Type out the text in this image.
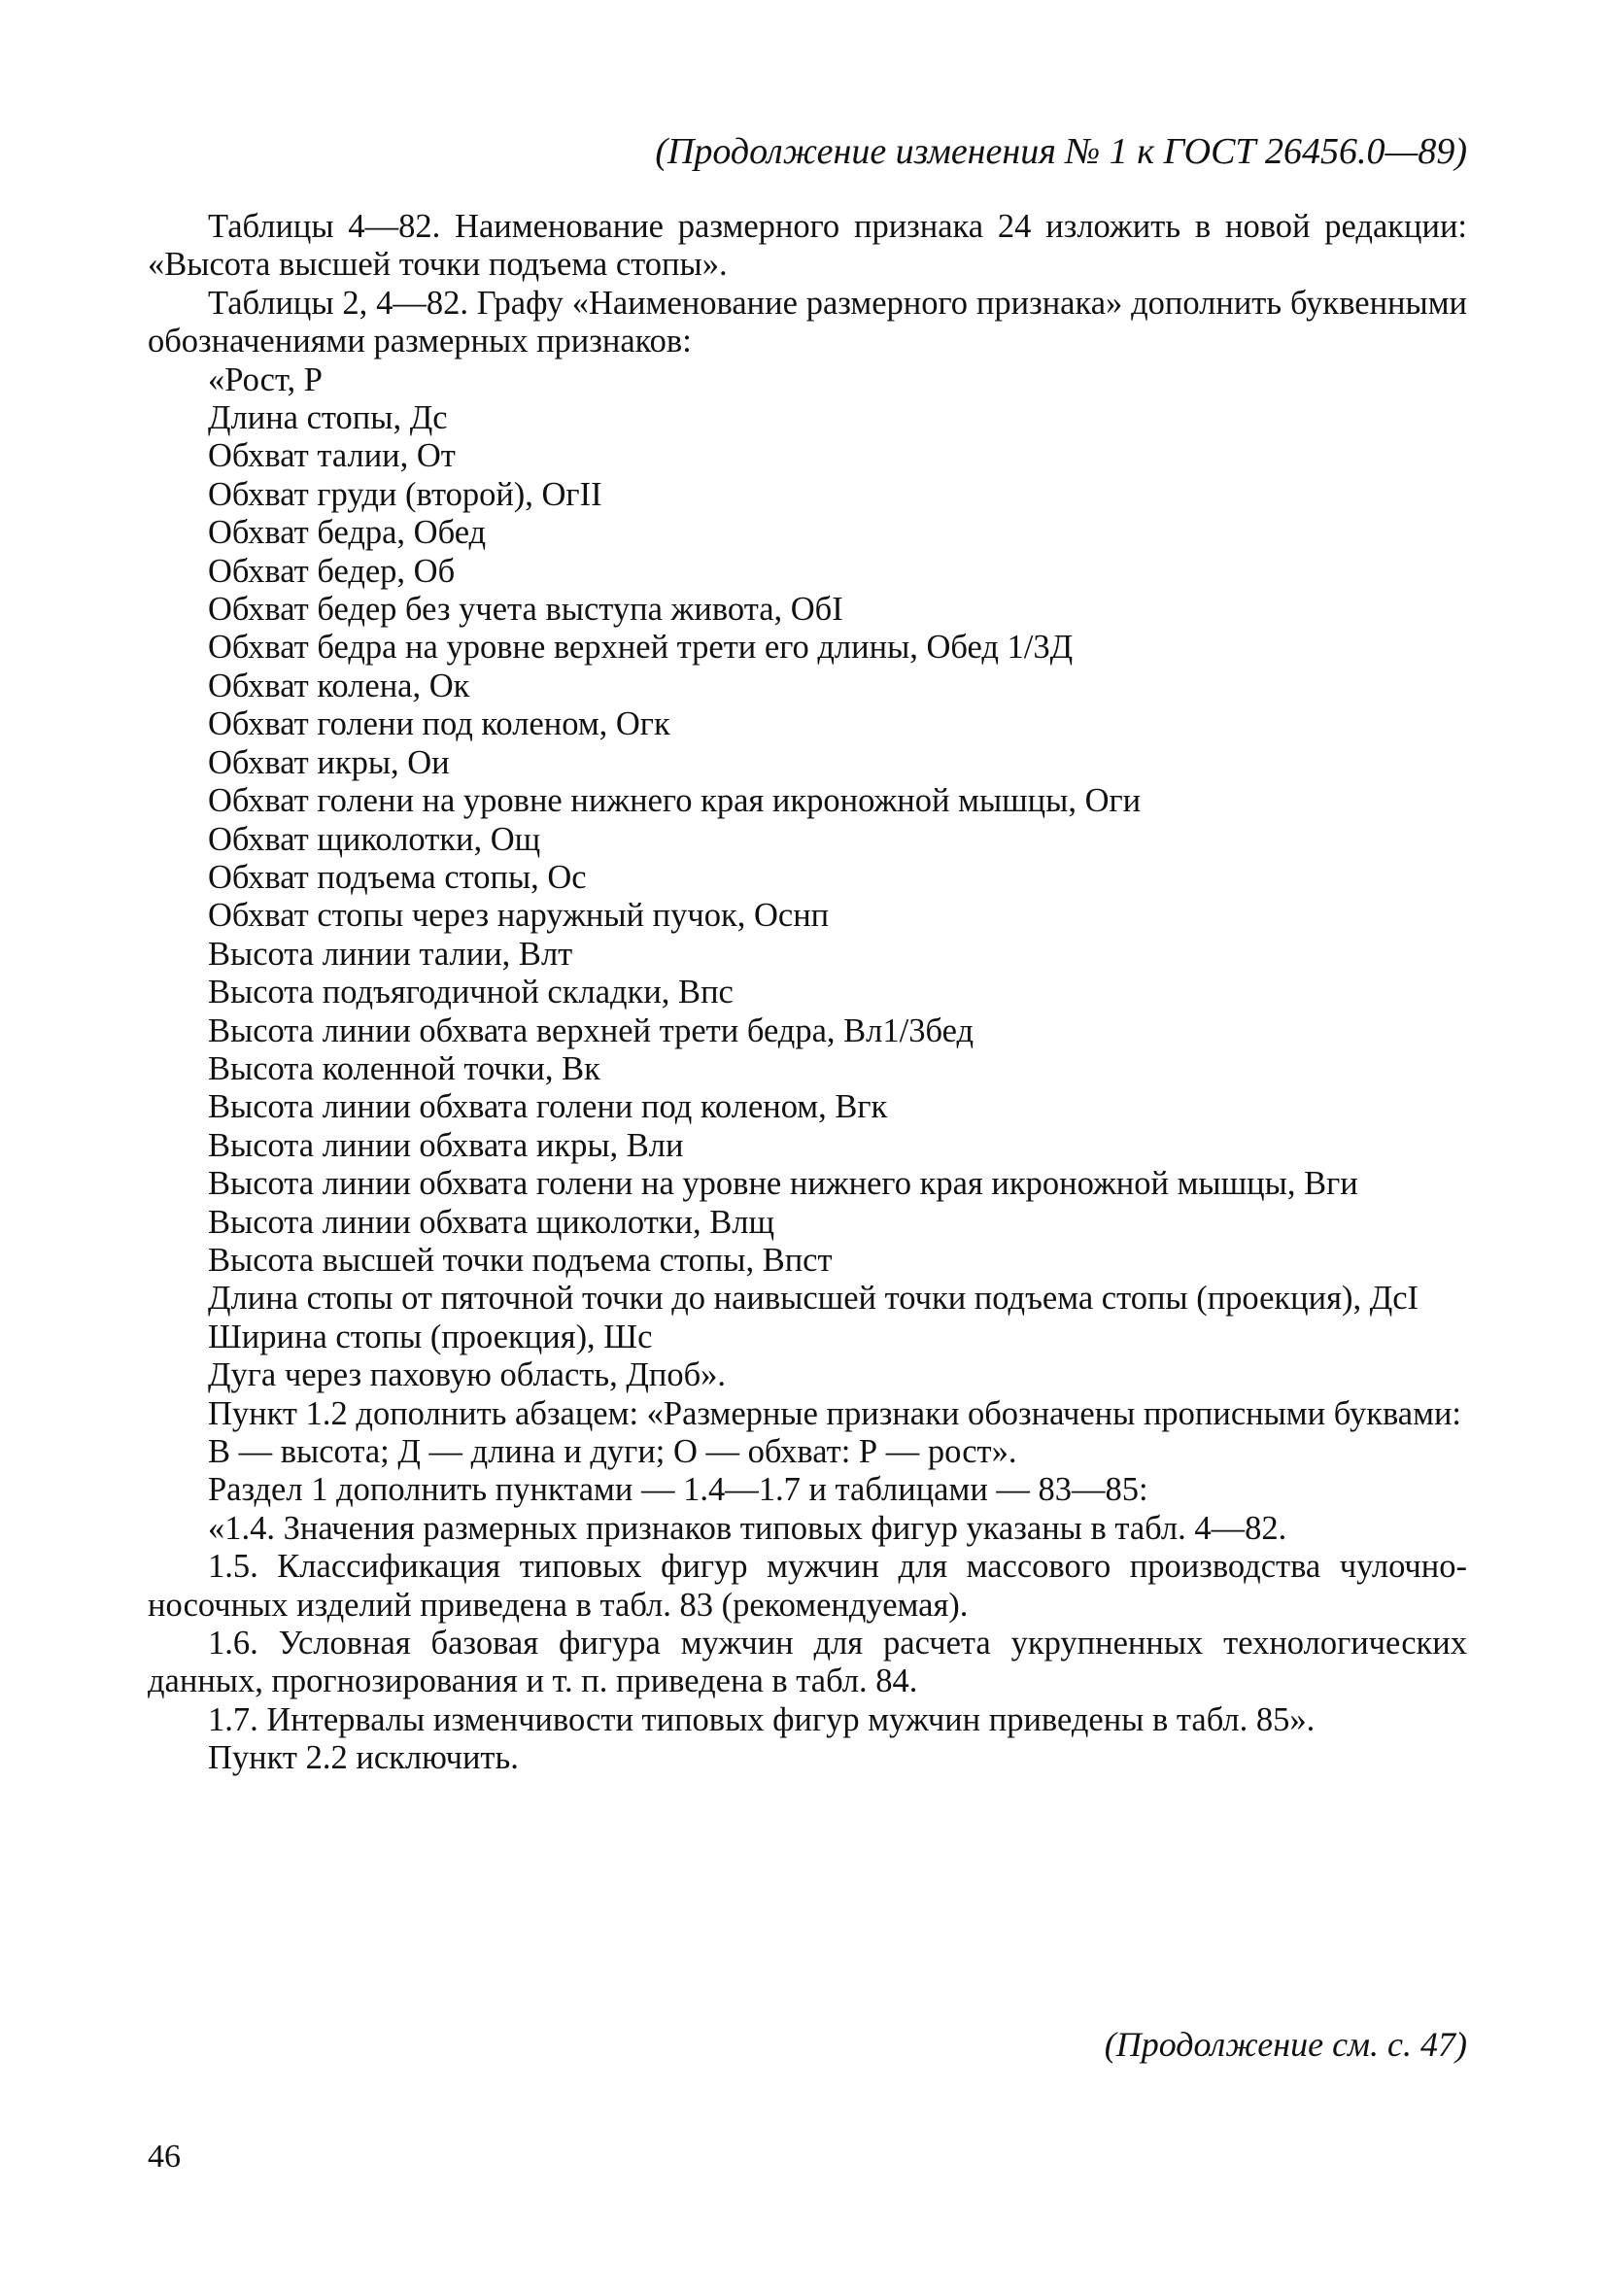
(Продолжение изменения № 1 к ГОСТ 26456.0—89)

Таблицы 4—82. Наименование размерного признака 24 изложить в новой редакции: «Высота высшей точки подъема стопы».

Таблицы 2, 4—82. Графу «Наименование размерного признака» дополнить буквенными обозначениями размерных признаков:

«Рост, Р

Длина стопы, Дс

Обхват талии, От

Обхват груди (второй), ОгII

Обхват бедра, Обед

Обхват бедер, Об

Обхват бедер без учета выступа живота, ОбI

Обхват бедра на уровне верхней трети его длины, Обед 1/3Д

Обхват колена, Ок

Обхват голени под коленом, Огк

Обхват икры, Ои

Обхват голени на уровне нижнего края икроножной мышцы, Оги

Обхват щиколотки, Ощ

Обхват подъема стопы, Ос

Обхват стопы через наружный пучок, Оснп

Высота линии талии, Влт

Высота подъягодичной складки, Впс

Высота линии обхвата верхней трети бедра, Вл1/3бед

Высота коленной точки, Вк

Высота линии обхвата голени под коленом, Вгк

Высота линии обхвата икры, Вли

Высота линии обхвата голени на уровне нижнего края икроножной мышцы, Вги

Высота линии обхвата щиколотки, Влщ

Высота высшей точки подъема стопы, Впст

Длина стопы от пяточной точки до наивысшей точки подъема стопы (проекция), ДсI

Ширина стопы (проекция), Шс

Дуга через паховую область, Дпоб».

Пункт 1.2 дополнить абзацем: «Размерные признаки обозначены прописными буквами:

В — высота; Д — длина и дуги; О — обхват: Р — рост».

Раздел 1 дополнить пунктами — 1.4—1.7 и таблицами — 83—85:

«1.4. Значения размерных признаков типовых фигур указаны в табл. 4—82.

1.5. Классификация типовых фигур мужчин для массового производства чулочно-носочных изделий приведена в табл. 83 (рекомендуемая).

1.6. Условная базовая фигура мужчин для расчета укрупненных технологических данных, прогнозирования и т. п. приведена в табл. 84.

1.7. Интервалы изменчивости типовых фигур мужчин приведены в табл. 85».

Пункт 2.2 исключить.

(Продолжение см. с. 47)
46
